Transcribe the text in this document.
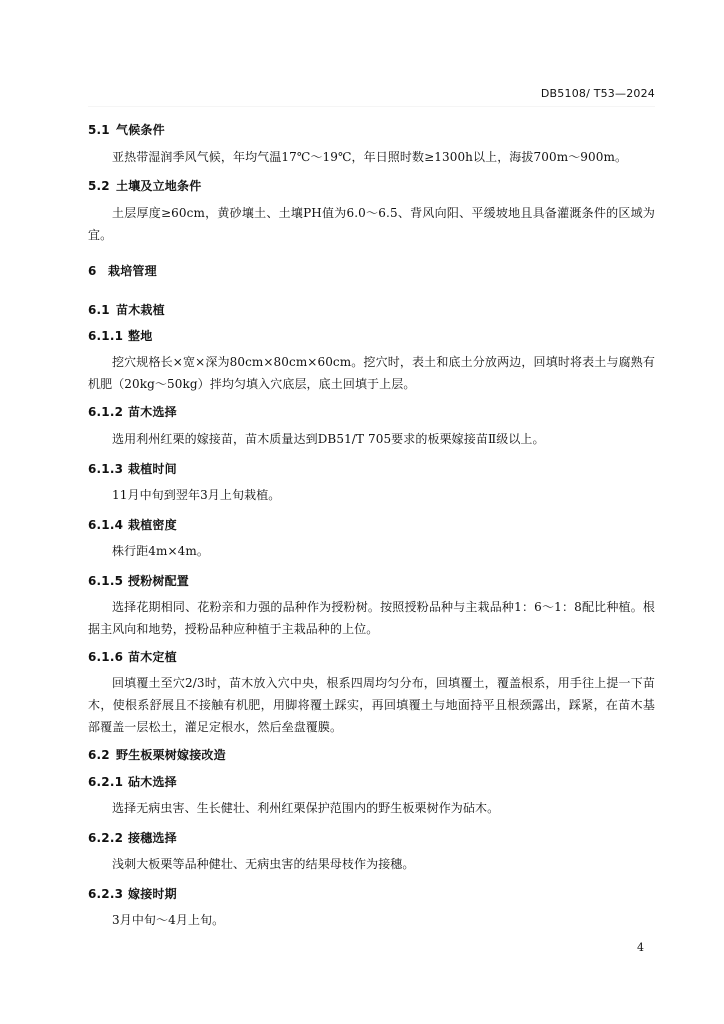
DB5108/ T53—2024
5.1 气候条件
亚热带湿润季风气候，年均气温17℃～19℃，年日照时数≥1300h以上，海拔700m～900m。
5.2 土壤及立地条件
土层厚度≥60cm，黄砂壤土、土壤PH值为6.0～6.5、背风向阳、平缓坡地且具备灌溉条件的区域为宜。
6 栽培管理
6.1 苗木栽植
6.1.1 整地
挖穴规格长×宽×深为80cm×80cm×60cm。挖穴时，表土和底土分放两边，回填时将表土与腐熟有机肥（20kg～50kg）拌均匀填入穴底层，底土回填于上层。
6.1.2 苗木选择
选用利州红栗的嫁接苗，苗木质量达到DB51/T 705要求的板栗嫁接苗Ⅱ级以上。
6.1.3 栽植时间
11月中旬到翌年3月上旬栽植。
6.1.4 栽植密度
株行距4m×4m。
6.1.5 授粉树配置
选择花期相同、花粉亲和力强的品种作为授粉树。按照授粉品种与主栽品种1：6～1：8配比种植。根据主风向和地势，授粉品种应种植于主栽品种的上位。
6.1.6 苗木定植
回填覆土至穴2/3时，苗木放入穴中央，根系四周均匀分布，回填覆土，覆盖根系，用手往上提一下苗木，使根系舒展且不接触有机肥，用脚将覆土踩实，再回填覆土与地面持平且根颈露出，踩紧，在苗木基部覆盖一层松土，灌足定根水，然后垒盘覆膜。
6.2 野生板栗树嫁接改造
6.2.1 砧木选择
选择无病虫害、生长健壮、利州红栗保护范围内的野生板栗树作为砧木。
6.2.2 接穗选择
浅刺大板栗等品种健壮、无病虫害的结果母枝作为接穗。
6.2.3 嫁接时期
3月中旬～4月上旬。
4
